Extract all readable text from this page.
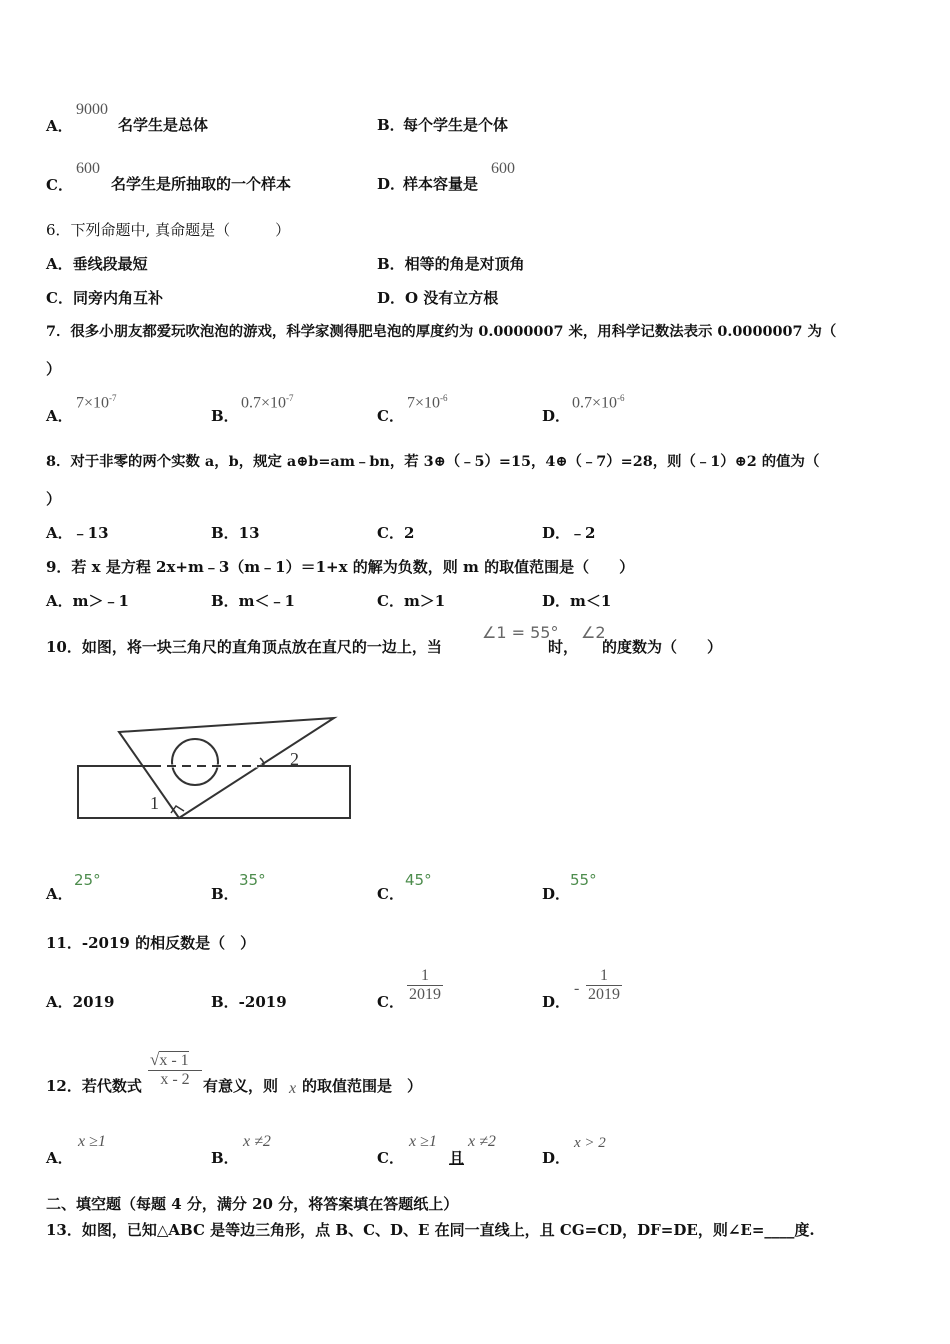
A．
9000
名学生是总体	B．
每个学生是个体
C．
600
名学生是所抽取的一个样本	D．
样本容量是
600
6．下列命题中, 真命题是（　　　）
A．垂线段最短	B．相等的角是对顶角
C．同旁内角互补	D．O 没有立方根
7．很多小朋友都爱玩吹泡泡的游戏，科学家测得肥皂泡的厚度约为 0.0000007 米，用科学记数法表示 0.0000007 为（
）
A．
$7\times 10^{-7}$
B．
$0.7\times 10^{-7}$
C．
$7\times 10^{-6}$
D．
$0.7\times 10^{-6}$
8．对于非零的两个实数 a，b，规定 a⊕b=am﹣bn，若 3⊕（﹣5）=15，4⊕（﹣7）=28，则（﹣1）⊕2 的值为（
）
A．﹣13	B．13	C．2	D．﹣2
9．若 x 是方程 2x+m﹣3（m﹣1）＝1+x 的解为负数，则 m 的取值范围是（　　）
A．m＞﹣1	B．m＜﹣1	C．m＞1	D．m＜1
10．如图，将一块三角尺的直角顶点放在直尺的一边上，当
∠1 = 55°
时，
∠2
的度数为（　　）
1
2
A．
25°
B．
35°
C．
45°
D．
55°
11．-2019 的相反数是（　）
A．2019	B．-2019	C． $\frac{1}{2019}$	D．
- $\frac{1}{2019}$
12．若代数式 $\frac{√x - 1}{x - 2}$ 有意义，则 x 的取值范围是　）
A．
x ≥1
B．
x ≠2
C．
x ≥1
且
x ≠2
D．
x > 2
二、填空题（每题 4 分，满分 20 分，将答案填在答题纸上）
13．如图，已知△ABC 是等边三角形，点 B、C、D、E 在同一直线上，且 CG=CD，DF=DE，则∠E=____度.
